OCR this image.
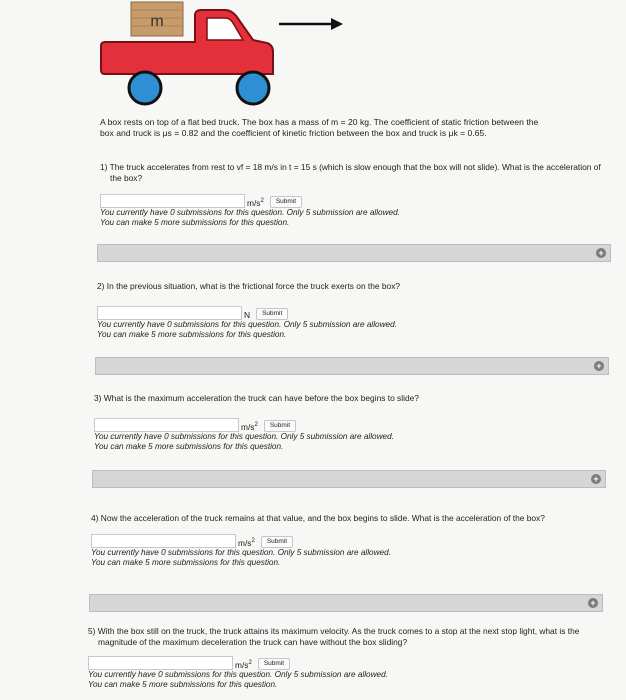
m
A box rests on top of a flat bed truck. The box has a mass of m = 20 kg. The coefficient of static friction between the
box and truck is μs = 0.82 and the coefficient of kinetic friction between the box and truck is μk = 0.65.
1) The truck accelerates from rest to vf = 18 m/s in t = 15 s (which is slow enough that the box will not slide). What is the acceleration of the box?
$m/s^2$	Submit
You currently have 0 submissions for this question. Only 5 submission are allowed.
You can make 5 more submissions for this question.
+
2) In the previous situation, what is the frictional force the truck exerts on the box?
N	Submit
You currently have 0 submissions for this question. Only 5 submission are allowed.
You can make 5 more submissions for this question.
+
3) What is the maximum acceleration the truck can have before the box begins to slide?
$m/s^2$	Submit
You currently have 0 submissions for this question. Only 5 submission are allowed.
You can make 5 more submissions for this question.
+
4) Now the acceleration of the truck remains at that value, and the box begins to slide. What is the acceleration of the box?
$m/s^2$	Submit
You currently have 0 submissions for this question. Only 5 submission are allowed.
You can make 5 more submissions for this question.
+
5) With the box still on the truck, the truck attains its maximum velocity. As the truck comes to a stop at the next stop light, what is the magnitude of the maximum deceleration the truck can have without the box sliding?
$m/s^2$	Submit
You currently have 0 submissions for this question. Only 5 submission are allowed.
You can make 5 more submissions for this question.
